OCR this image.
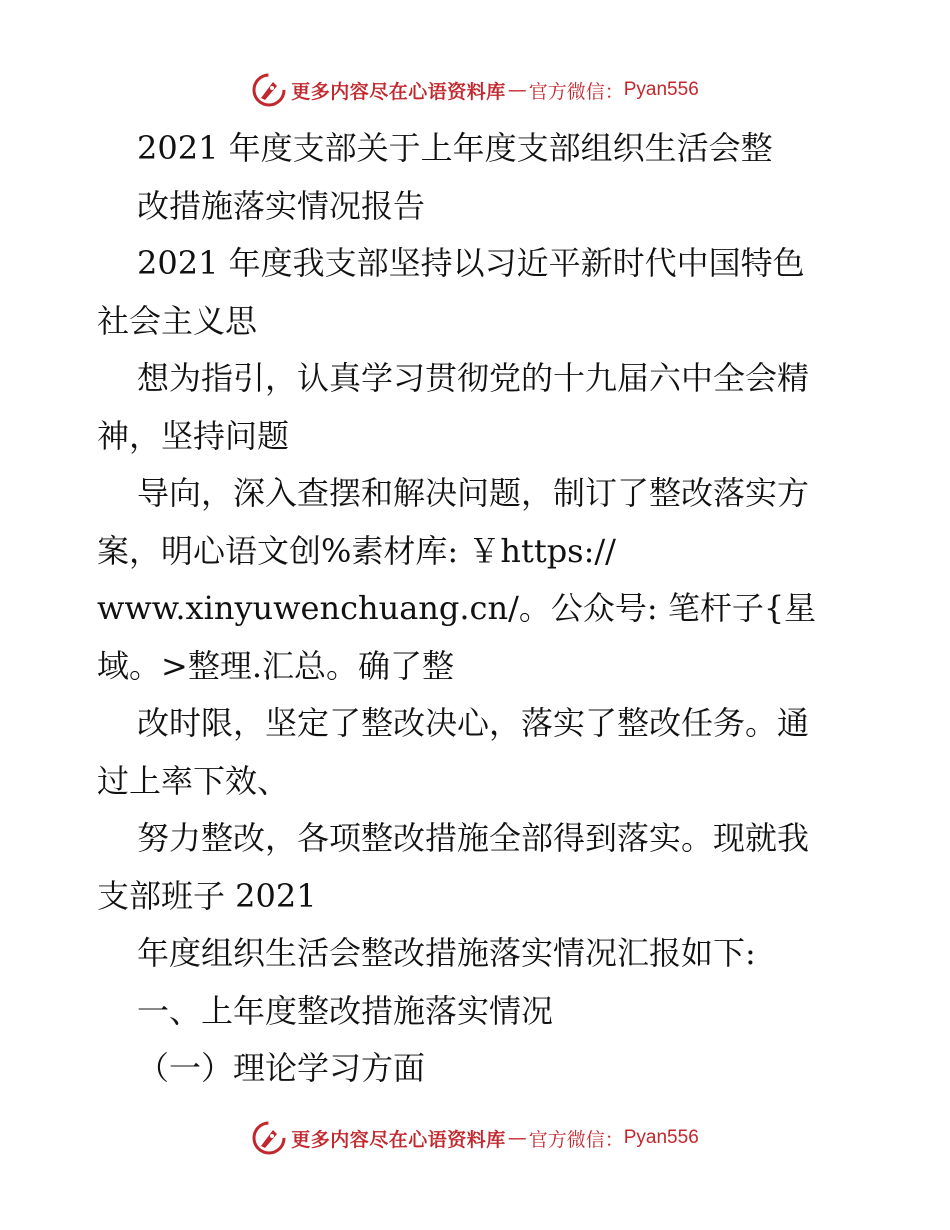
更多内容尽在心语资料库 — 官方微信： Pyan556
2021 年度支部关于上年度支部组织生活会整
改措施落实情况报告
2021 年度我支部坚持以习近平新时代中国特色
社会主义思
想为指引，认真学习贯彻党的十九届六中全会精
神，坚持问题
导向，深入查摆和解决问题，制订了整改落实方
案，明心语文创%素材库: ￥https://
www.xinyuwenchuang.cn/。公众号: 笔杆子{星
域。>整理.汇总。确了整
改时限，坚定了整改决心，落实了整改任务。通
过上率下效、
努力整改，各项整改措施全部得到落实。现就我
支部班子 2021
年度组织生活会整改措施落实情况汇报如下:
一、上年度整改措施落实情况
（一）理论学习方面
更多内容尽在心语资料库 — 官方微信： Pyan556
